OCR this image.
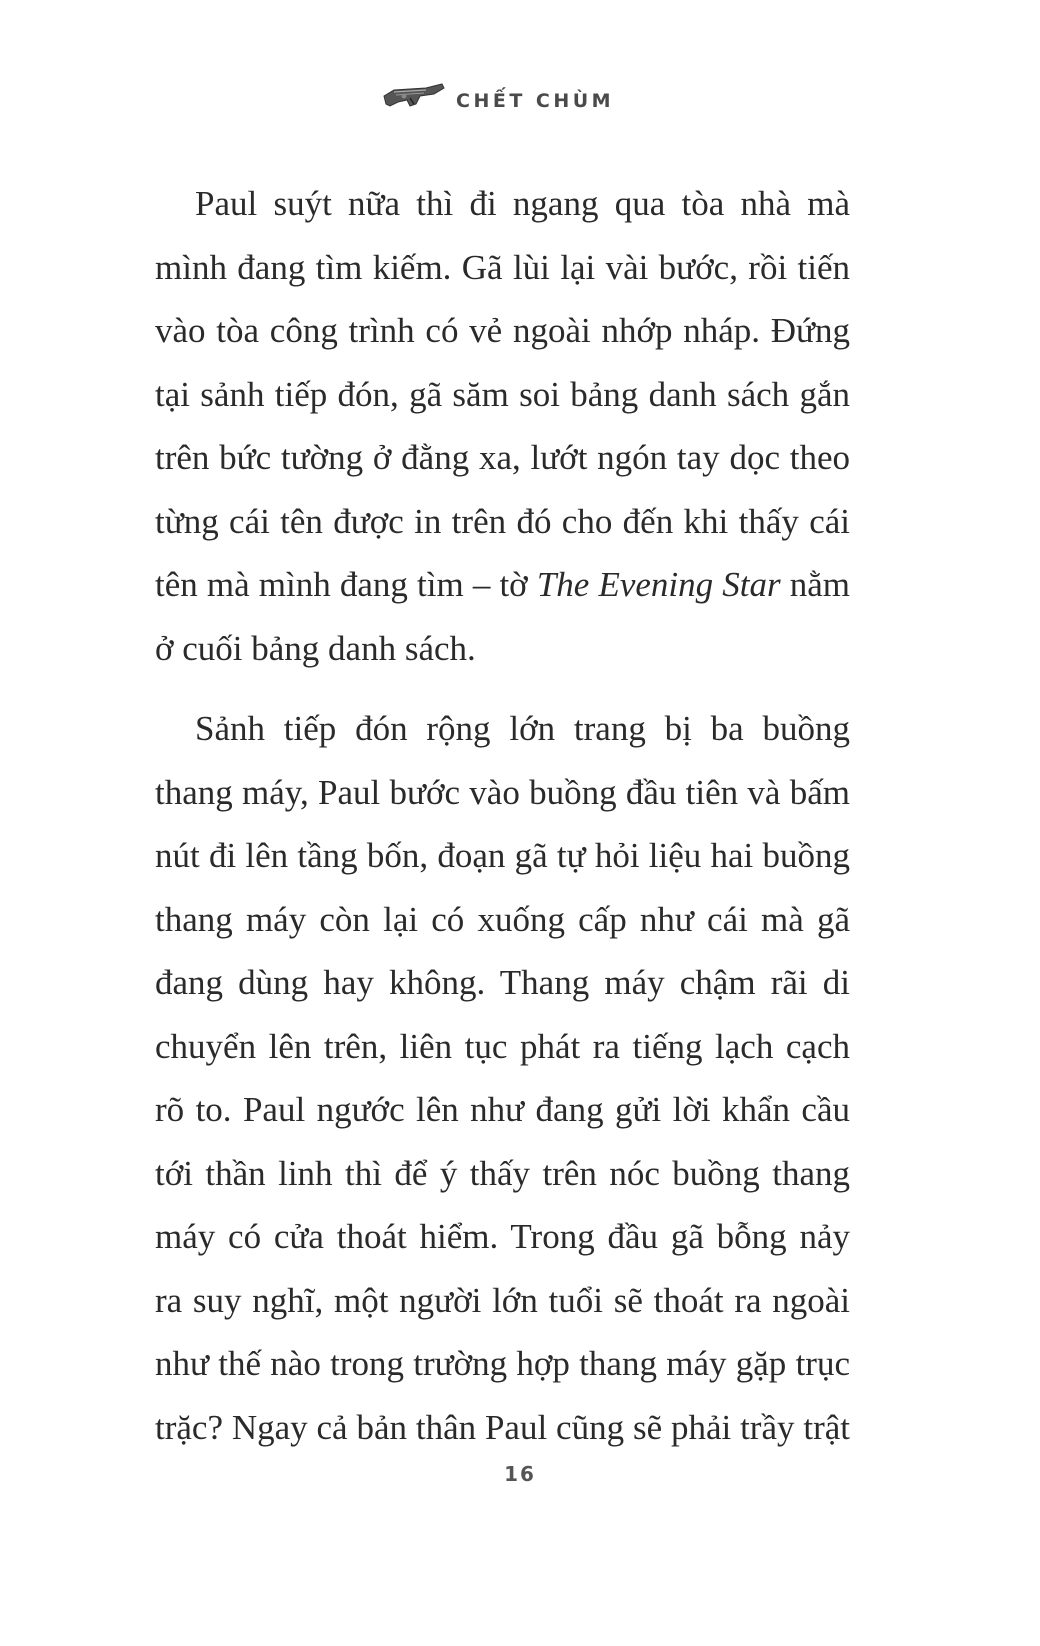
CHẾT CHÙM

Paul suýt nữa thì đi ngang qua tòa nhà mà
mình đang tìm kiếm. Gã lùi lại vài bước, rồi tiến
vào tòa công trình có vẻ ngoài nhớp nháp. Đứng
tại sảnh tiếp đón, gã săm soi bảng danh sách gắn
trên bức tường ở đằng xa, lướt ngón tay dọc theo
từng cái tên được in trên đó cho đến khi thấy cái
tên mà mình đang tìm – tờ The Evening Star nằm
ở cuối bảng danh sách.

Sảnh tiếp đón rộng lớn trang bị ba buồng
thang máy, Paul bước vào buồng đầu tiên và bấm
nút đi lên tầng bốn, đoạn gã tự hỏi liệu hai buồng
thang máy còn lại có xuống cấp như cái mà gã
đang dùng hay không. Thang máy chậm rãi di
chuyển lên trên, liên tục phát ra tiếng lạch cạch
rõ to. Paul ngước lên như đang gửi lời khẩn cầu
tới thần linh thì để ý thấy trên nóc buồng thang
máy có cửa thoát hiểm. Trong đầu gã bỗng nảy
ra suy nghĩ, một người lớn tuổi sẽ thoát ra ngoài
như thế nào trong trường hợp thang máy gặp trục
trặc? Ngay cả bản thân Paul cũng sẽ phải trầy trật

16
